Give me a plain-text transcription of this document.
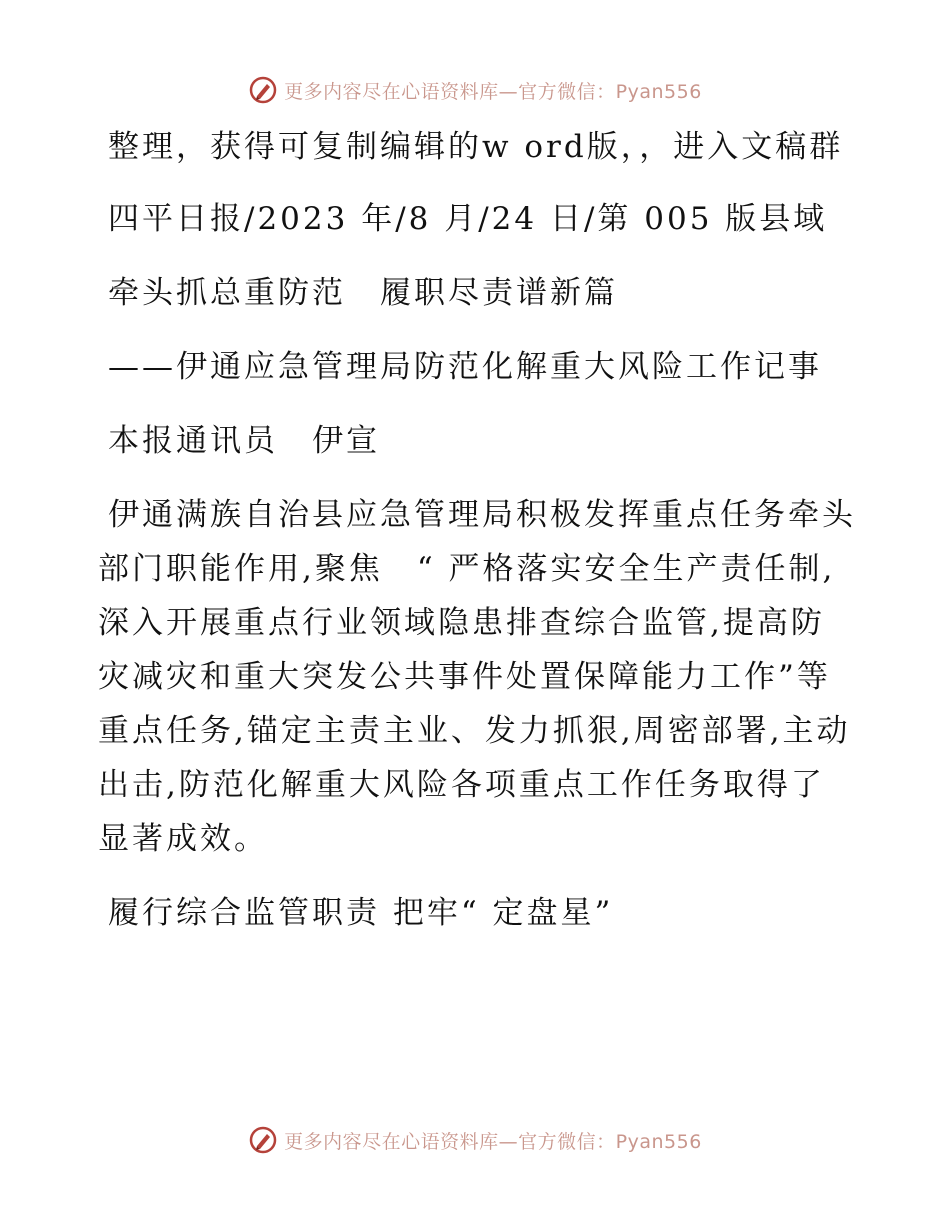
更多内容尽在心语资料库—官方微信：Pyan556

整理，获得可复制编辑的w ord版，，进入文稿群

四平日报/2023 年/8 月/24 日/第 005 版县域

牵头抓总重防范　履职尽责谱新篇

——伊通应急管理局防范化解重大风险工作记事

本报通讯员　伊宣

伊通满族自治县应急管理局积极发挥重点任务牵头部门职能作用,聚焦　“ 严格落实安全生产责任制,深入开展重点行业领域隐患排查综合监管,提高防灾减灾和重大突发公共事件处置保障能力工作”等重点任务,锚定主责主业、发力抓狠,周密部署,主动出击,防范化解重大风险各项重点工作任务取得了显著成效。

履行综合监管职责 把牢“ 定盘星”

更多内容尽在心语资料库—官方微信：Pyan556
